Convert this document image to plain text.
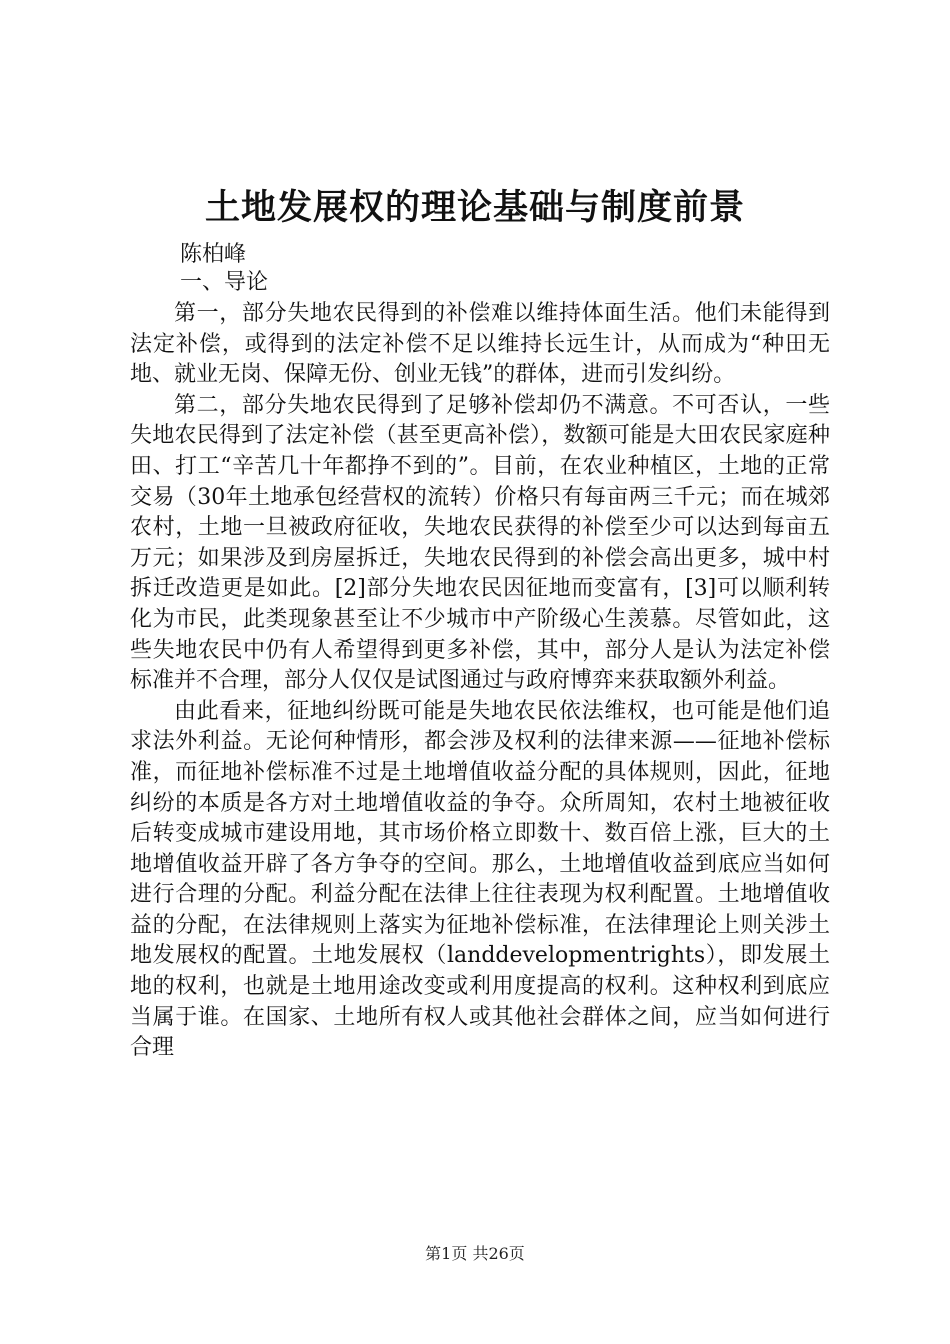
土地发展权的理论基础与制度前景
陈柏峰
一、导论

第一，部分失地农民得到的补偿难以维持体面生活。他们未能得到法定补偿，或得到的法定补偿不足以维持长远生计，从而成为“种田无地、就业无岗、保障无份、创业无钱”的群体，进而引发纠纷。

第二，部分失地农民得到了足够补偿却仍不满意。不可否认，一些失地农民得到了法定补偿（甚至更高补偿），数额可能是大田农民家庭种田、打工“辛苦几十年都挣不到的”。目前，在农业种植区，土地的正常交易（30年土地承包经营权的流转）价格只有每亩两三千元；而在城郊农村，土地一旦被政府征收，失地农民获得的补偿至少可以达到每亩五万元；如果涉及到房屋拆迁，失地农民得到的补偿会高出更多，城中村拆迁改造更是如此。[2]部分失地农民因征地而变富有，[3]可以顺利转化为市民，此类现象甚至让不少城市中产阶级心生羡慕。尽管如此，这些失地农民中仍有人希望得到更多补偿，其中，部分人是认为法定补偿标准并不合理，部分人仅仅是试图通过与政府博弈来获取额外利益。

由此看来，征地纠纷既可能是失地农民依法维权，也可能是他们追求法外利益。无论何种情形，都会涉及权利的法律来源——征地补偿标准，而征地补偿标准不过是土地增值收益分配的具体规则，因此，征地纠纷的本质是各方对土地增值收益的争夺。众所周知，农村土地被征收后转变成城市建设用地，其市场价格立即数十、数百倍上涨，巨大的土地增值收益开辟了各方争夺的空间。那么，土地增值收益到底应当如何进行合理的分配。利益分配在法律上往往表现为权利配置。土地增值收益的分配，在法律规则上落实为征地补偿标准，在法律理论上则关涉土地发展权的配置。土地发展权（landdevelopmentrights），即发展土地的权利，也就是土地用途改变或利用度提高的权利。这种权利到底应当属于谁。在国家、土地所有权人或其他社会群体之间，应当如何进行合理

第1页 共26页
